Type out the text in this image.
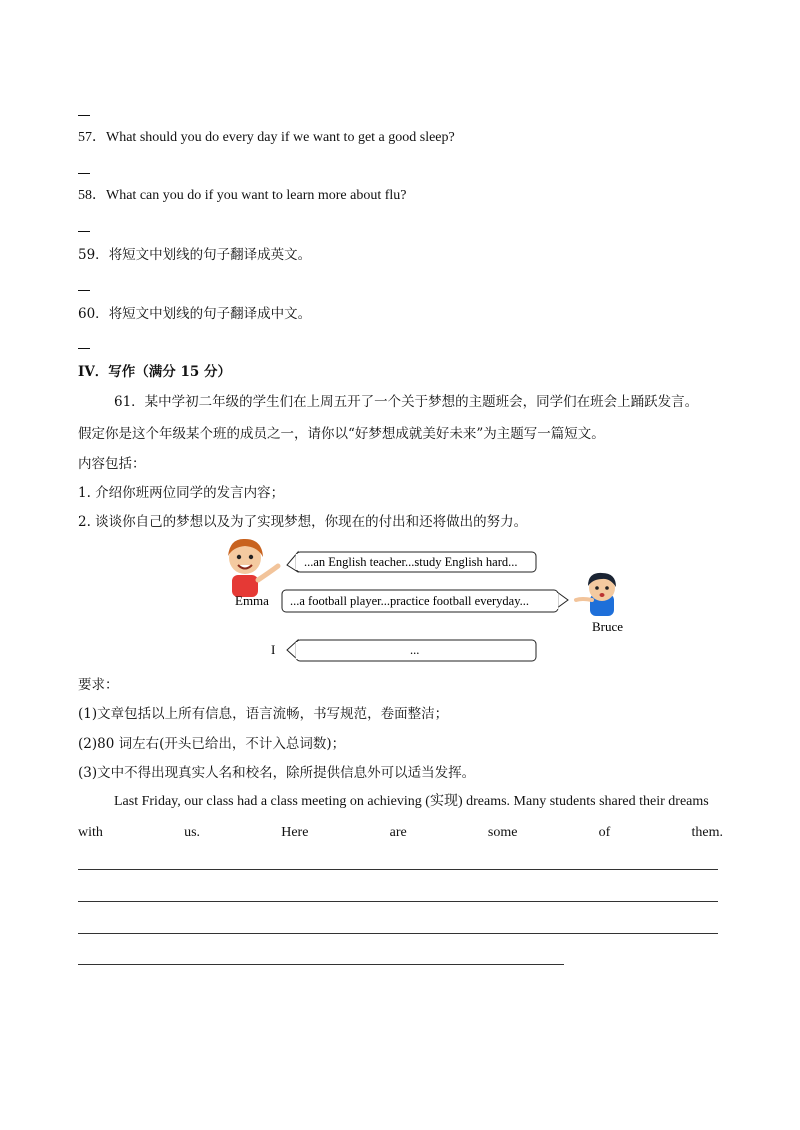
57．What should you do every day if we want to get a good sleep?
58．What can you do if you want to learn more about flu?
59．将短文中划线的句子翻译成英文。
60．将短文中划线的句子翻译成中文。
IV．写作（满分 15 分）
61．某中学初二年级的学生们在上周五开了一个关于梦想的主题班会，同学们在班会上踊跃发言。
假定你是这个年级某个班的成员之一，请你以“好梦想成就美好未来”为主题写一篇短文。
内容包括：
1. 介绍你班两位同学的发言内容；
2. 谈谈你自己的梦想以及为了实现梦想，你现在的付出和还将做出的努力。
Emma
...an English teacher...study English hard...
...a football player...practice football everyday...
Bruce
I	...
要求：
(1)文章包括以上所有信息，语言流畅，书写规范，卷面整洁；
(2)80 词左右(开头已给出，不计入总词数)；
(3)文中不得出现真实人名和校名，除所提供信息外可以适当发挥。
Last Friday, our class had a class meeting on achieving (实现) dreams. Many students shared their dreams
with	us.	Here	are	some	of	them.
